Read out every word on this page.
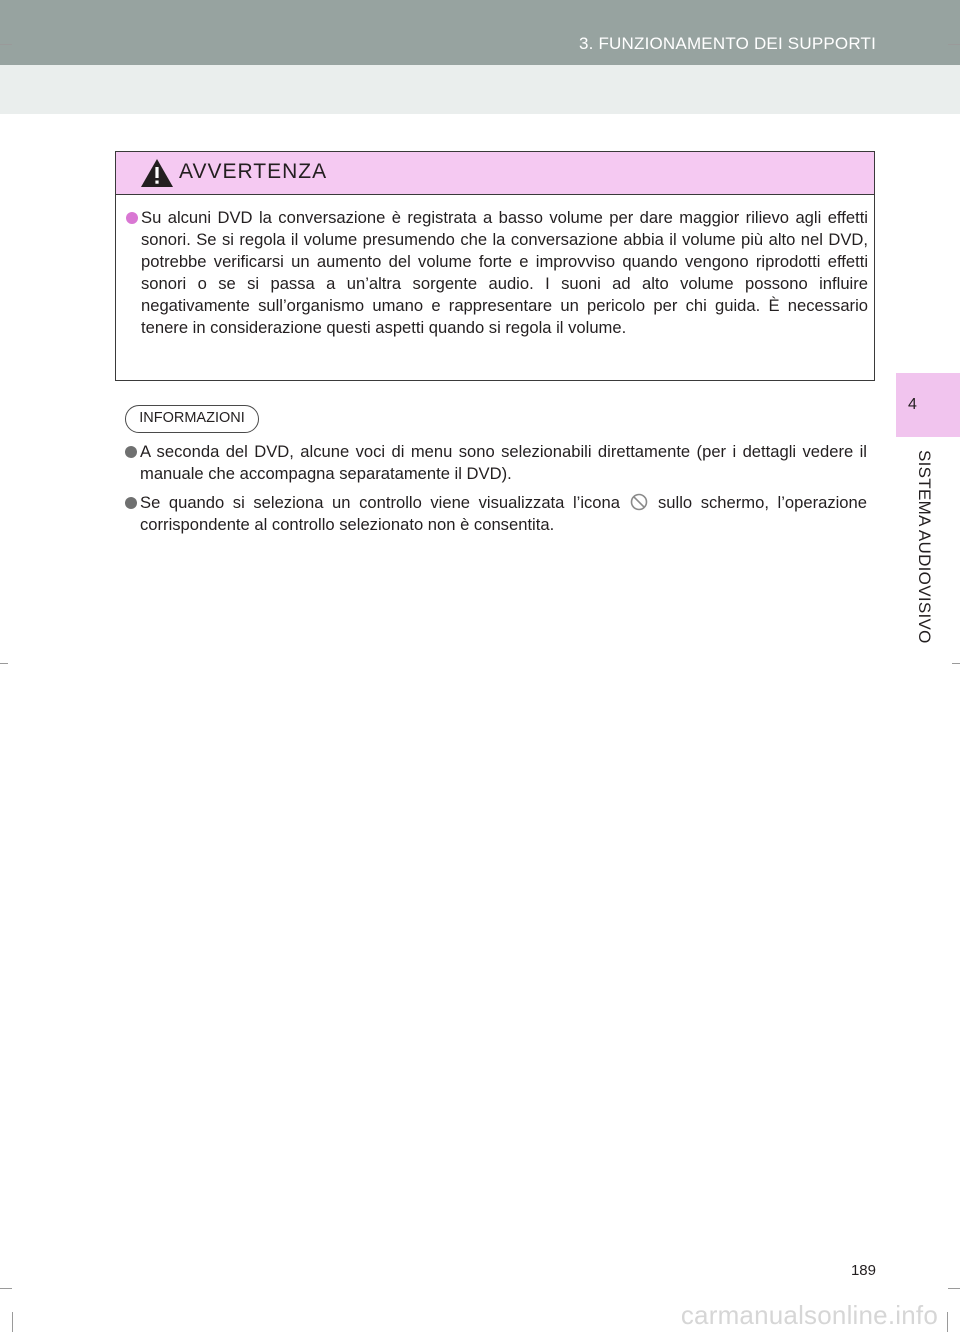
3. FUNZIONAMENTO DEI SUPPORTI
AVVERTENZA
Su alcuni DVD la conversazione è registrata a basso volume per dare maggior rilievo agli effetti sonori. Se si regola il volume presumendo che la conversazione abbia il volume più alto nel DVD, potrebbe verificarsi un aumento del volume forte e improvviso quando vengono riprodotti effetti sonori o se si passa a un’altra sorgente audio. I suoni ad alto volume possono influire negativamente sull’organismo umano e rappresentare un pericolo per chi guida. È necessario tenere in considerazione questi aspetti quando si regola il volume.
INFORMAZIONI
A seconda del DVD, alcune voci di menu sono selezionabili direttamente (per i dettagli vedere il manuale che accompagna separatamente il DVD).
Se quando si seleziona un controllo viene visualizzata l’icona sullo schermo, l’operazione corrispondente al controllo selezionato non è consentita.
4
SISTEMA AUDIOVISIVO
189
carmanualsonline.info
